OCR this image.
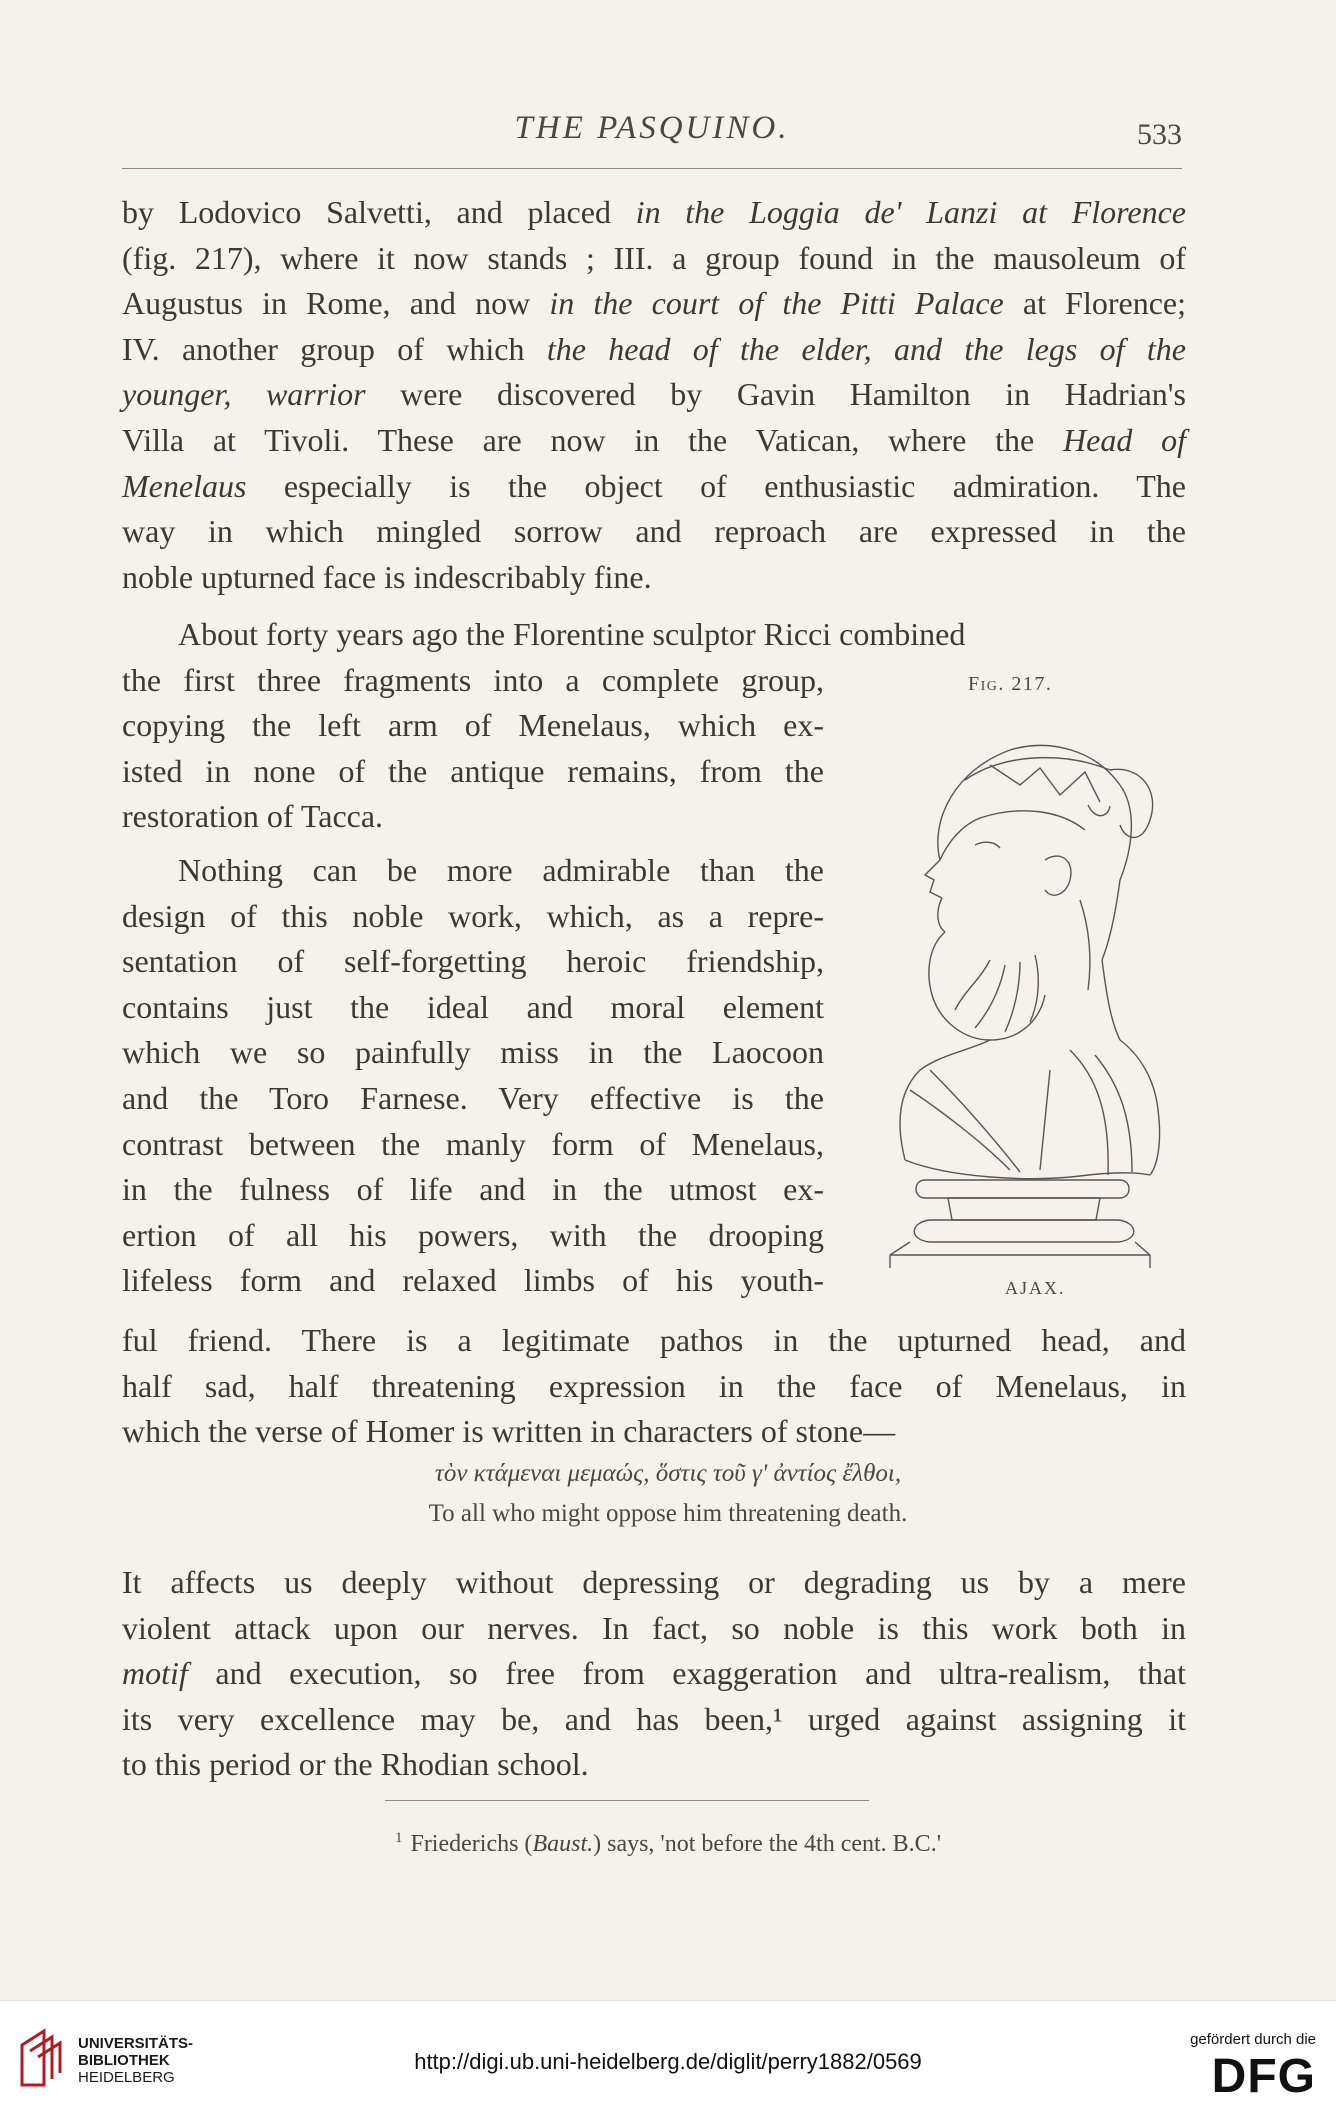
THE PASQUINO.	533
by Lodovico Salvetti, and placed in the Loggia de' Lanzi at Florence
(fig. 217), where it now stands ; III. a group found in the mausoleum of
Augustus in Rome, and now in the court of the Pitti Palace at Florence;
IV. another group of which the head of the elder, and the legs of the
younger, warrior were discovered by Gavin Hamilton in Hadrian's
Villa at Tivoli. These are now in the Vatican, where the Head of
Menelaus especially is the object of enthusiastic admiration. The
way in which mingled sorrow and reproach are expressed in the
noble upturned face is indescribably fine.
About forty years ago the Florentine sculptor Ricci combined
the first three fragments into a complete group,
copying the left arm of Menelaus, which ex-
isted in none of the antique remains, from the
restoration of Tacca.
Nothing can be more admirable than the
design of this noble work, which, as a repre-
sentation of self-forgetting heroic friendship,
contains just the ideal and moral element
which we so painfully miss in the Laocoon
and the Toro Farnese. Very effective is the
contrast between the manly form of Menelaus,
in the fulness of life and in the utmost ex-
ertion of all his powers, with the drooping
lifeless form and relaxed limbs of his youth-
ful friend. There is a legitimate pathos in the upturned head, and
half sad, half threatening expression in the face of Menelaus, in
which the verse of Homer is written in characters of stone—
Fig. 217.
AJAX.
τὸν κτάμεναι μεμαώς, ὅστις τοῦ γ' ἀντίος ἔλθοι,
To all who might oppose him threatening death.
It affects us deeply without depressing or degrading us by a mere
violent attack upon our nerves. In fact, so noble is this work both in
motif and execution, so free from exaggeration and ultra-realism, that
its very excellence may be, and has been,¹ urged against assigning it
to this period or the Rhodian school.
$^1$ Friederichs (Baust.) says, 'not before the 4th cent. B.C.'
UNIVERSITÄTS-
BIBLIOTHEK
HEIDELBERG
http://digi.ub.uni-heidelberg.de/diglit/perry1882/0569
gefördert durch die
DFG
